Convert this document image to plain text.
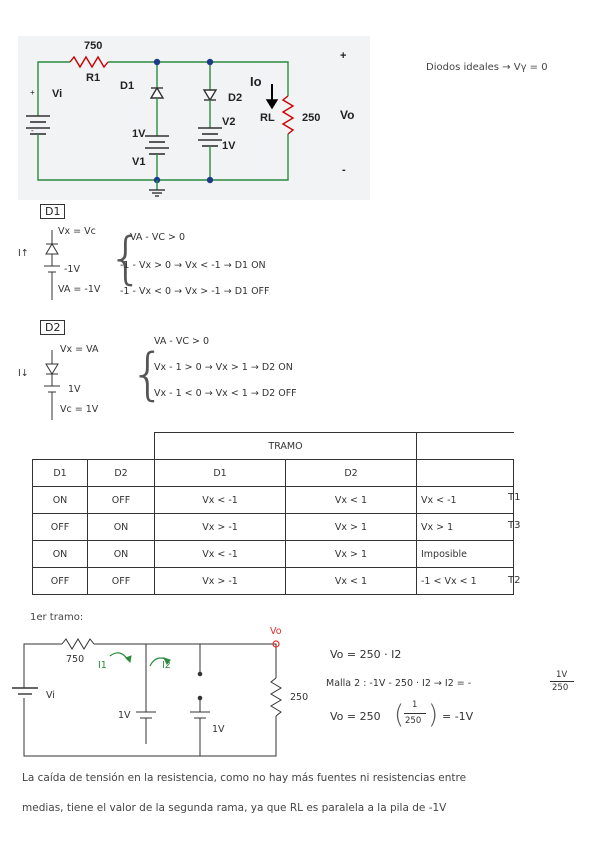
750
R1
Vi
D1
D2
1V
V1
V2
1V
Io
RL 250
+
Vo
-
+
-
Diodos ideales → Vγ = 0
D1
I↑
Vx = Vc
-1V
VA = -1V {
VA - VC > 0
-1 - Vx > 0 → Vx < -1 → D1 ON
-1 - Vx < 0 → Vx > -1 → D1 OFF
D2
I↓
Vx = VA
1V
Vc = 1V
{
VA - VC > 0
Vx - 1 > 0 → Vx > 1 → D2 ON
Vx - 1 < 0 → Vx < 1 → D2 OFF
		TRAMO		
D1	D2	D1	D2	
ON	OFF	Vx < -1	Vx < 1	Vx < -1
OFF	ON	Vx > -1	Vx > 1	Vx > 1
ON	ON	Vx < -1	Vx > 1	Imposible
OFF	OFF	Vx > -1	Vx < 1	-1 < Vx < 1
T1
T3
T2
1er tramo:
750
I1	I2
Vi
Vo
1V
1V
250
Vo = 250 · I2
Malla 2 : -1V - 250 · I2 → I2 = -
1V
250
Vo = 250 ( 1
250 ) = -1V
La caída de tensión en la resistencia, como no hay más fuentes ni resistencias entre
medias, tiene el valor de la segunda rama, ya que RL es paralela a la pila de -1V
